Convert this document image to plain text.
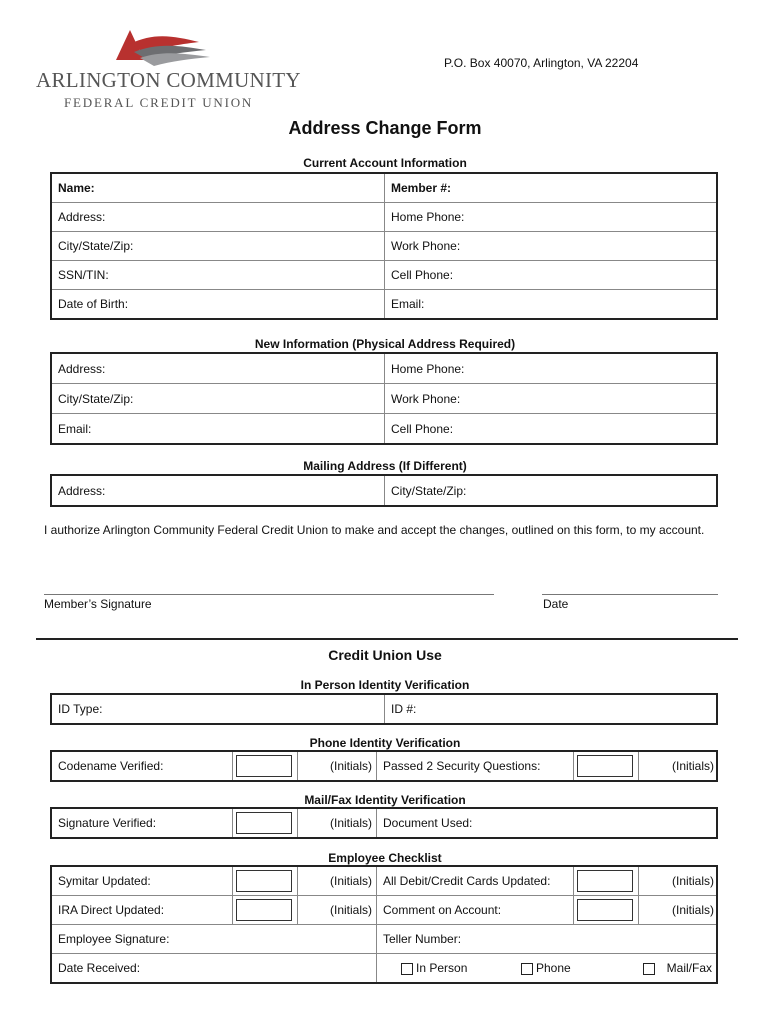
ARLINGTON COMMUNITY
FEDERAL CREDIT UNION
P.O. Box 40070, Arlington, VA 22204
Address Change Form
Current Account Information
Name:	Member #:
Address:	Home Phone:
City/State/Zip:	Work Phone:
SSN/TIN:	Cell Phone:
Date of Birth:	Email:
New Information (Physical Address Required)
Address:	Home Phone:
City/State/Zip:	Work Phone:
Email:	Cell Phone:
Mailing Address (If Different)
Address:	City/State/Zip:
I authorize Arlington Community Federal Credit Union to make and accept the changes, outlined on this form, to my account.
Member’s Signature	Date
Credit Union Use
In Person Identity Verification
ID Type:	ID #:
Phone Identity Verification
Codename Verified:		(Initials)	Passed 2 Security Questions:		(Initials)
Mail/Fax Identity Verification
Signature Verified:		(Initials)	Document Used:
Employee Checklist
Symitar Updated:		(Initials)	All Debit/Credit Cards Updated:		(Initials)
IRA Direct Updated:		(Initials)	Comment on Account:		(Initials)
Employee Signature:			Teller Number:		
Date Received:			In Person Phone Mail/Fax		
